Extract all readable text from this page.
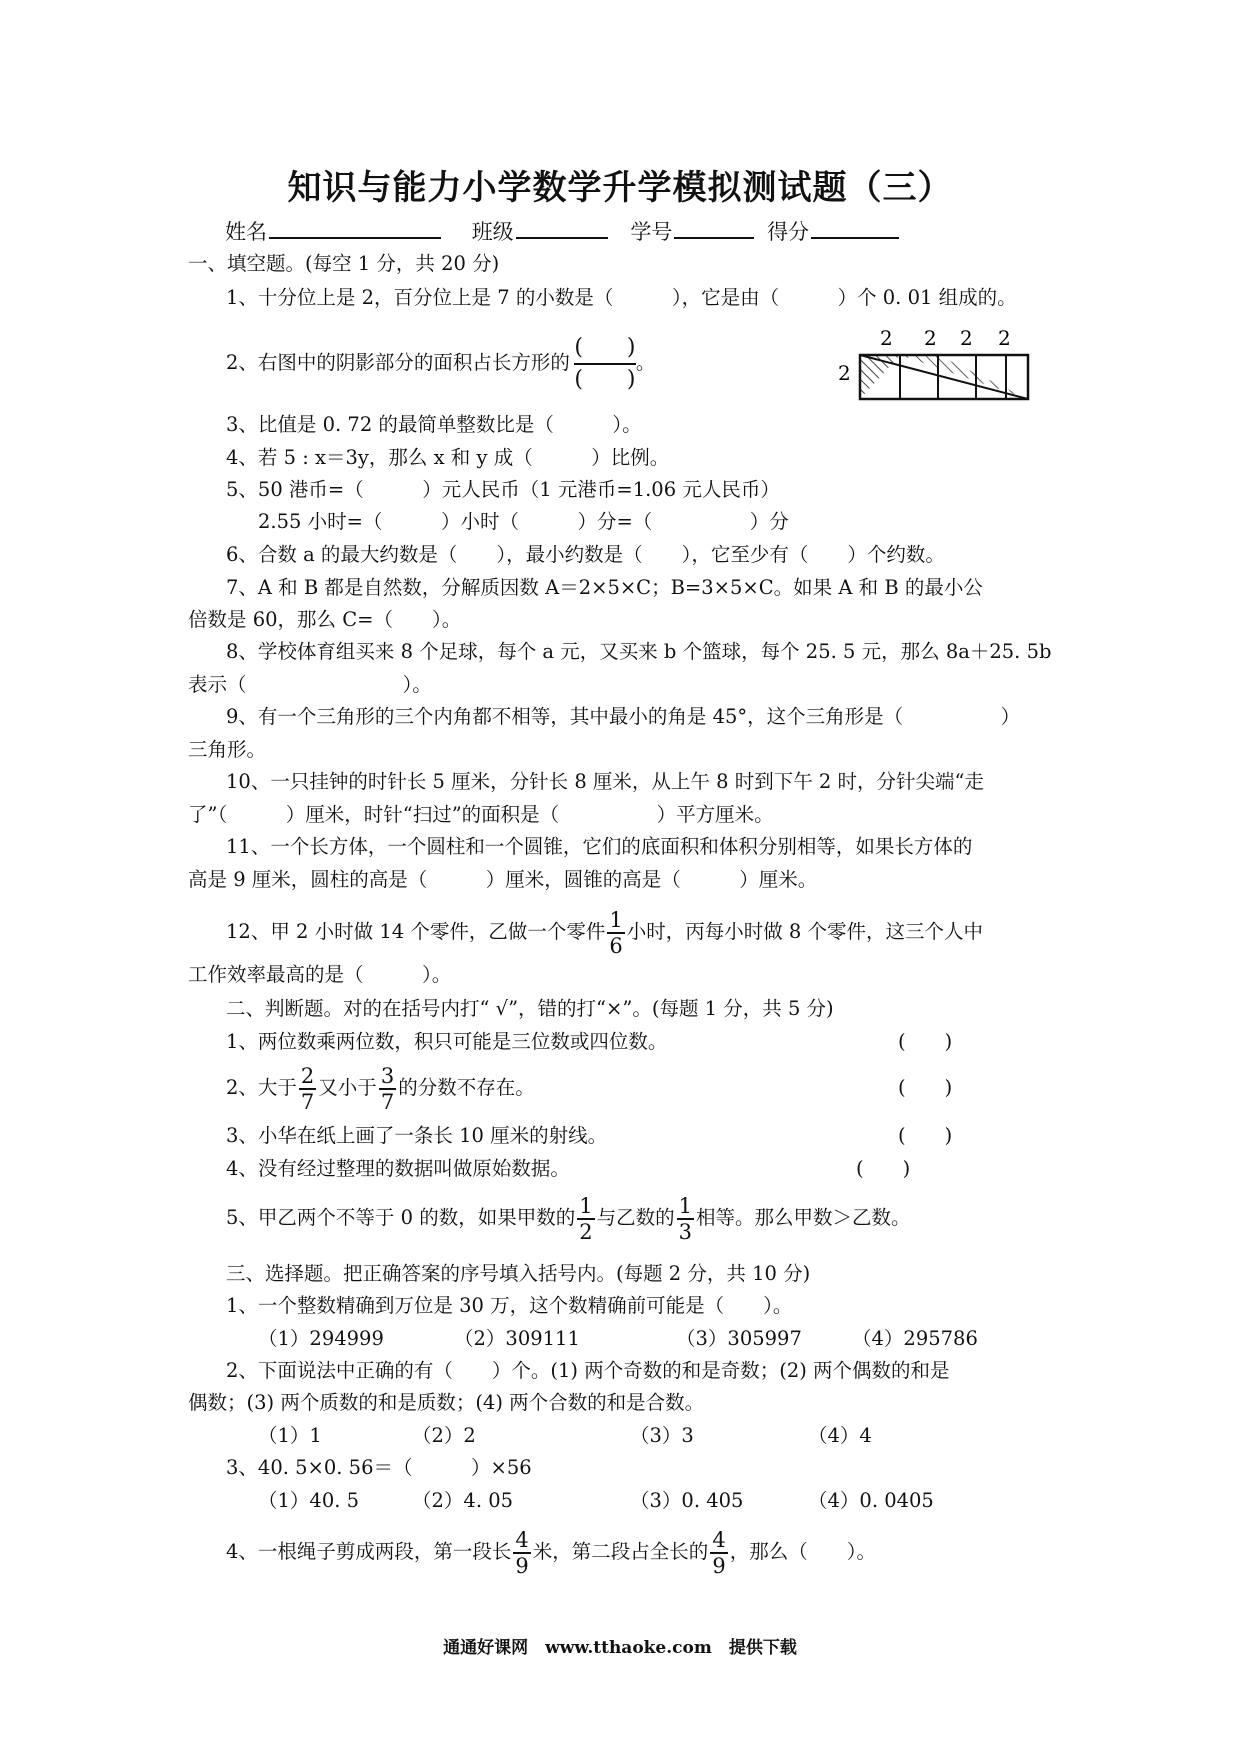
知识与能力小学数学升学模拟测试题（三）
姓名	班级	学号	得分
一、填空题。(每空 1 分，共 20 分)
1、十分位上是 2，百分位上是 7 的小数是（　　　），它是由（　　　）个 0. 01 组成的。
2、右图中的阴影部分的面积占长方形的 $\frac{( )}{( )}$ 。
2 2 2 2
2
3、比值是 0. 72 的最简单整数比是（　　　）。
4、若 5 : x＝3y，那么 x 和 y 成（　　　）比例。
5、50 港币=（　　　）元人民币（1 元港币=1.06 元人民币）
2.55 小时=（　　　）小时（　　　）分=（　　　　　）分
6、合数 a 的最大约数是（　　），最小约数是（　　），它至少有（　　）个约数。
7、A 和 B 都是自然数，分解质因数 A＝2×5×C；B=3×5×C。如果 A 和 B 的最小公
倍数是 60，那么 C=（　　）。
8、学校体育组买来 8 个足球，每个 a 元，又买来 b 个篮球，每个 25. 5 元，那么 8a＋25. 5b
表示（　　　　　　　　）。
9、有一个三角形的三个内角都不相等，其中最小的角是 45°，这个三角形是（　　　　　）
三角形。
10、一只挂钟的时针长 5 厘米，分针长 8 厘米，从上午 8 时到下午 2 时，分针尖端“走
了”（　　　）厘米，时针“扫过”的面积是（　　　　　）平方厘米。
11、一个长方体，一个圆柱和一个圆锥，它们的底面积和体积分别相等，如果长方体的
高是 9 厘米，圆柱的高是（　　　）厘米，圆锥的高是（　　　）厘米。
12、甲 2 小时做 14 个零件，乙做一个零件 $\frac{1}{6}$ 小时，丙每小时做 8 个零件，这三个人中
工作效率最高的是（　　　）。
二、判断题。对的在括号内打“ √”，错的打“×”。(每题 1 分，共 5 分)
1、两位数乘两位数，积只可能是三位数或四位数。	(　　)
2、大于 $\frac{2}{7}$ 又小于 $\frac{3}{7}$ 的分数不存在。	(　　)
3、小华在纸上画了一条长 10 厘米的射线。	(　　)
4、没有经过整理的数据叫做原始数据。	(　　)
5、甲乙两个不等于 0 的数，如果甲数的 $\frac{1}{2}$ 与乙数的 $\frac{1}{3}$ 相等。那么甲数＞乙数。
三、选择题。把正确答案的序号填入括号内。(每题 2 分，共 10 分)
1、一个整数精确到万位是 30 万，这个数精确前可能是（　　）。
（1）294999	（2）309111	（3）305997	（4）295786
2、下面说法中正确的有（　　）个。(1) 两个奇数的和是奇数；(2) 两个偶数的和是
偶数；(3) 两个质数的和是质数；(4) 两个合数的和是合数。
（1）1	（2）2	（3）3	（4）4
3、40. 5×0. 56＝（　　　）×56
（1）40. 5	（2）4. 05	（3）0. 405	（4）0. 0405
4、一根绳子剪成两段，第一段长 $\frac{4}{9}$ 米，第二段占全长的 $\frac{4}{9}$ ，那么（　　）。
通通好课网　www.tthaoke.com　提供下载
